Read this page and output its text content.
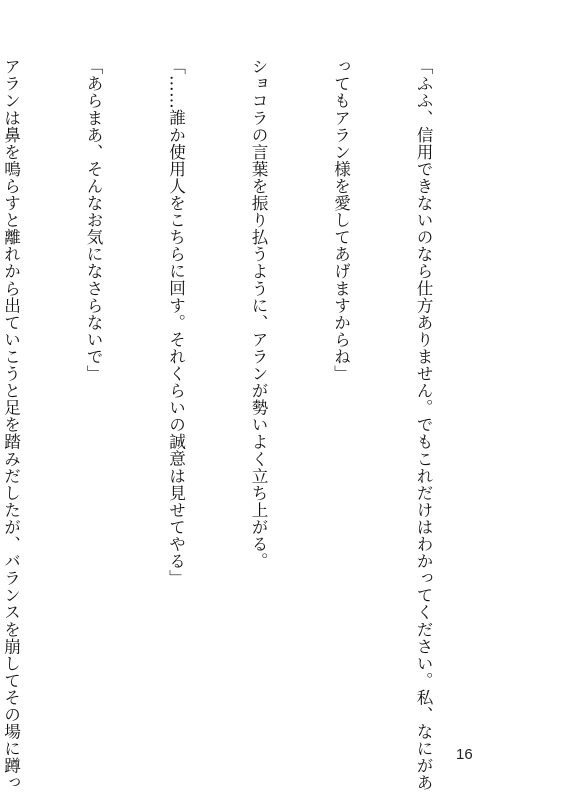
「ふふ、信用できないのなら仕方ありません。でもこれだけはわかってください。私、なにがあ

ってもアラン様を愛してあげますからね」

ショコラの言葉を振り払うように、アランが勢いよく立ち上がる。

「……誰か使用人をこちらに回す。それくらいの誠意は見せてやる」

「あらまあ、そんなお気になさらないで」

アランは鼻を鳴らすと離れから出ていこうと足を踏みだしたが、バランスを崩してその場に蹲っ

	16
